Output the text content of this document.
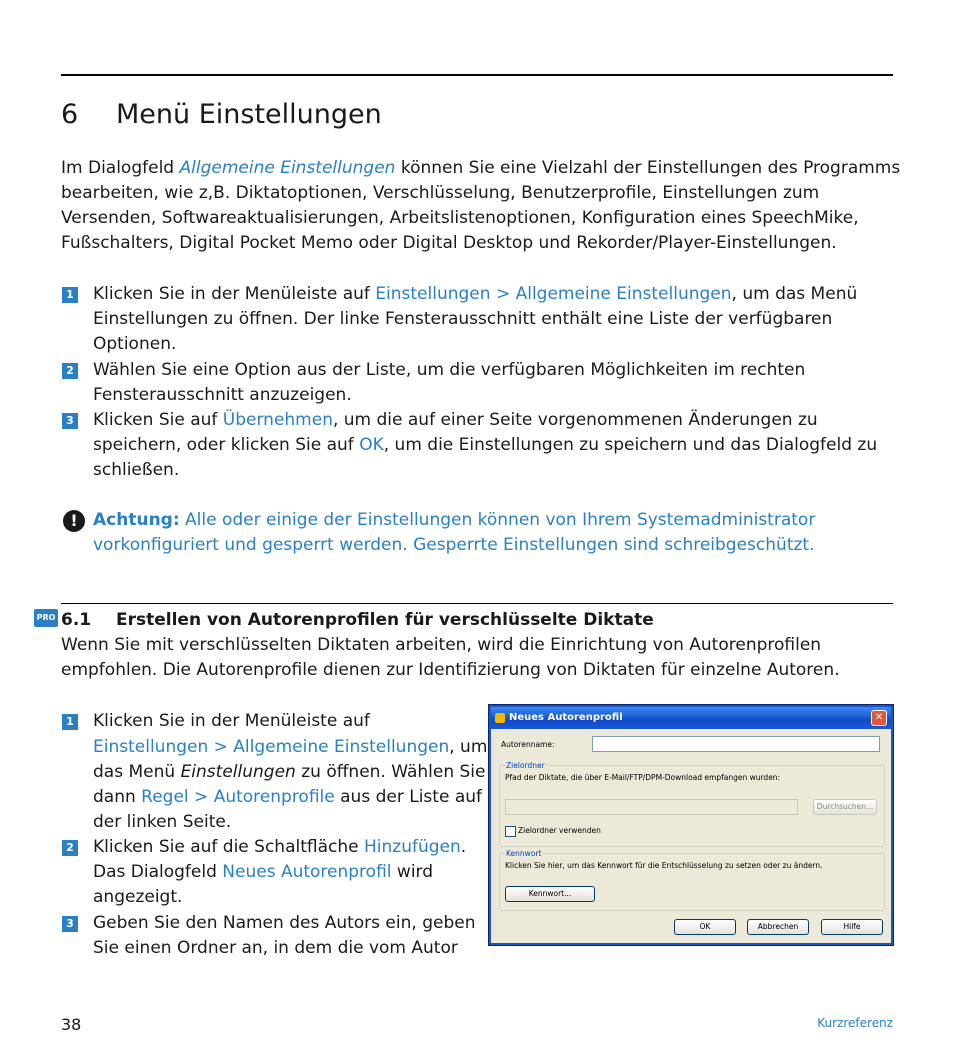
6 Menü Einstellungen
Im Dialogfeld Allgemeine Einstellungen können Sie eine Vielzahl der Einstellungen des Programms
bearbeiten, wie z,B. Diktatoptionen, Verschlüsselung, Benutzerprofile, Einstellungen zum
Versenden, Softwareaktualisierungen, Arbeitslistenoptionen, Konfiguration eines SpeechMike,
Fußschalters, Digital Pocket Memo oder Digital Desktop und Rekorder/Player-Einstellungen.
1 Klicken Sie in der Menüleiste auf Einstellungen > Allgemeine Einstellungen, um das Menü
Einstellungen zu öffnen. Der linke Fensterausschnitt enthält eine Liste der verfügbaren
Optionen.
2 Wählen Sie eine Option aus der Liste, um die verfügbaren Möglichkeiten im rechten
Fensterausschnitt anzuzeigen.
3 Klicken Sie auf Übernehmen, um die auf einer Seite vorgenommenen Änderungen zu
speichern, oder klicken Sie auf OK, um die Einstellungen zu speichern und das Dialogfeld zu
schließen.
! Achtung: Alle oder einige der Einstellungen können von Ihrem Systemadministrator
vorkonfiguriert und gesperrt werden. Gesperrte Einstellungen sind schreibgeschützt.
PRO 6.1 Erstellen von Autorenprofilen für verschlüsselte Diktate
Wenn Sie mit verschlüsselten Diktaten arbeiten, wird die Einrichtung von Autorenprofilen
empfohlen. Die Autorenprofile dienen zur Identifizierung von Diktaten für einzelne Autoren.
1 Klicken Sie in der Menüleiste auf
Einstellungen > Allgemeine Einstellungen, um
das Menü Einstellungen zu öffnen. Wählen Sie
dann Regel > Autorenprofile aus der Liste auf
der linken Seite.
2 Klicken Sie auf die Schaltfläche Hinzufügen.
Das Dialogfeld Neues Autorenprofil wird
angezeigt.
3 Geben Sie den Namen des Autors ein, geben
Sie einen Ordner an, in dem die vom Autor
Neues Autorenprofil	✕
Autorenname:
Zielordner
Pfad der Diktate, die über E-Mail/FTP/DPM-Download empfangen wurden:
Durchsuchen...
Zielordner verwenden
Kennwort
Klicken Sie hier, um das Kennwort für die Entschlüsselung zu setzen oder zu ändern.
Kennwort...
OK	Abbrechen	Hilfe
38	Kurzreferenz
